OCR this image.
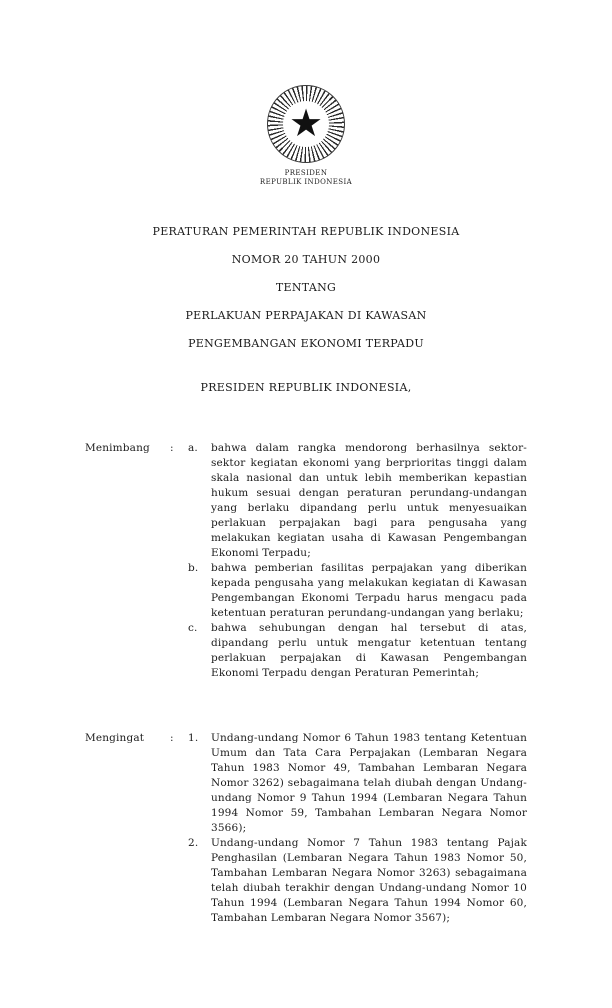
★
PRESIDEN
REPUBLIK INDONESIA
PERATURAN PEMERINTAH REPUBLIK INDONESIA
NOMOR 20 TAHUN 2000
TENTANG
PERLAKUAN PERPAJAKAN DI KAWASAN
PENGEMBANGAN EKONOMI TERPADU
PRESIDEN REPUBLIK INDONESIA,
Menimbang	:	a.	bahwa dalam rangka mendorong berhasilnya sektor-sektor kegiatan ekonomi yang berprioritas tinggi dalam skala nasional dan untuk lebih memberikan kepastian hukum sesuai dengan peraturan perundang-undangan yang berlaku dipandang perlu untuk menyesuaikan perlakuan perpajakan bagi para pengusaha yang melakukan kegiatan usaha di Kawasan Pengembangan Ekonomi Terpadu;
b.	bahwa pemberian fasilitas perpajakan yang diberikan kepada pengusaha yang melakukan kegiatan di Kawasan Pengembangan Ekonomi Terpadu harus mengacu pada ketentuan peraturan perundang-undangan yang berlaku;
c.	bahwa sehubungan dengan hal tersebut di atas, dipandang perlu untuk mengatur ketentuan tentang perlakuan perpajakan di Kawasan Pengembangan Ekonomi Terpadu dengan Peraturan Pemerintah;
Mengingat	:	1.	Undang-undang Nomor 6 Tahun 1983 tentang Ketentuan Umum dan Tata Cara Perpajakan (Lembaran Negara Tahun 1983 Nomor 49, Tambahan Lembaran Negara Nomor 3262) sebagaimana telah diubah dengan Undang-undang Nomor 9 Tahun 1994 (Lembaran Negara Tahun 1994 Nomor 59, Tambahan Lembaran Negara Nomor 3566);
2.	Undang-undang Nomor 7 Tahun 1983 tentang Pajak Penghasilan (Lembaran Negara Tahun 1983 Nomor 50, Tambahan Lembaran Negara Nomor 3263) sebagaimana telah diubah terakhir dengan Undang-undang Nomor 10 Tahun 1994 (Lembaran Negara Tahun 1994 Nomor 60, Tambahan Lembaran Negara Nomor 3567);
